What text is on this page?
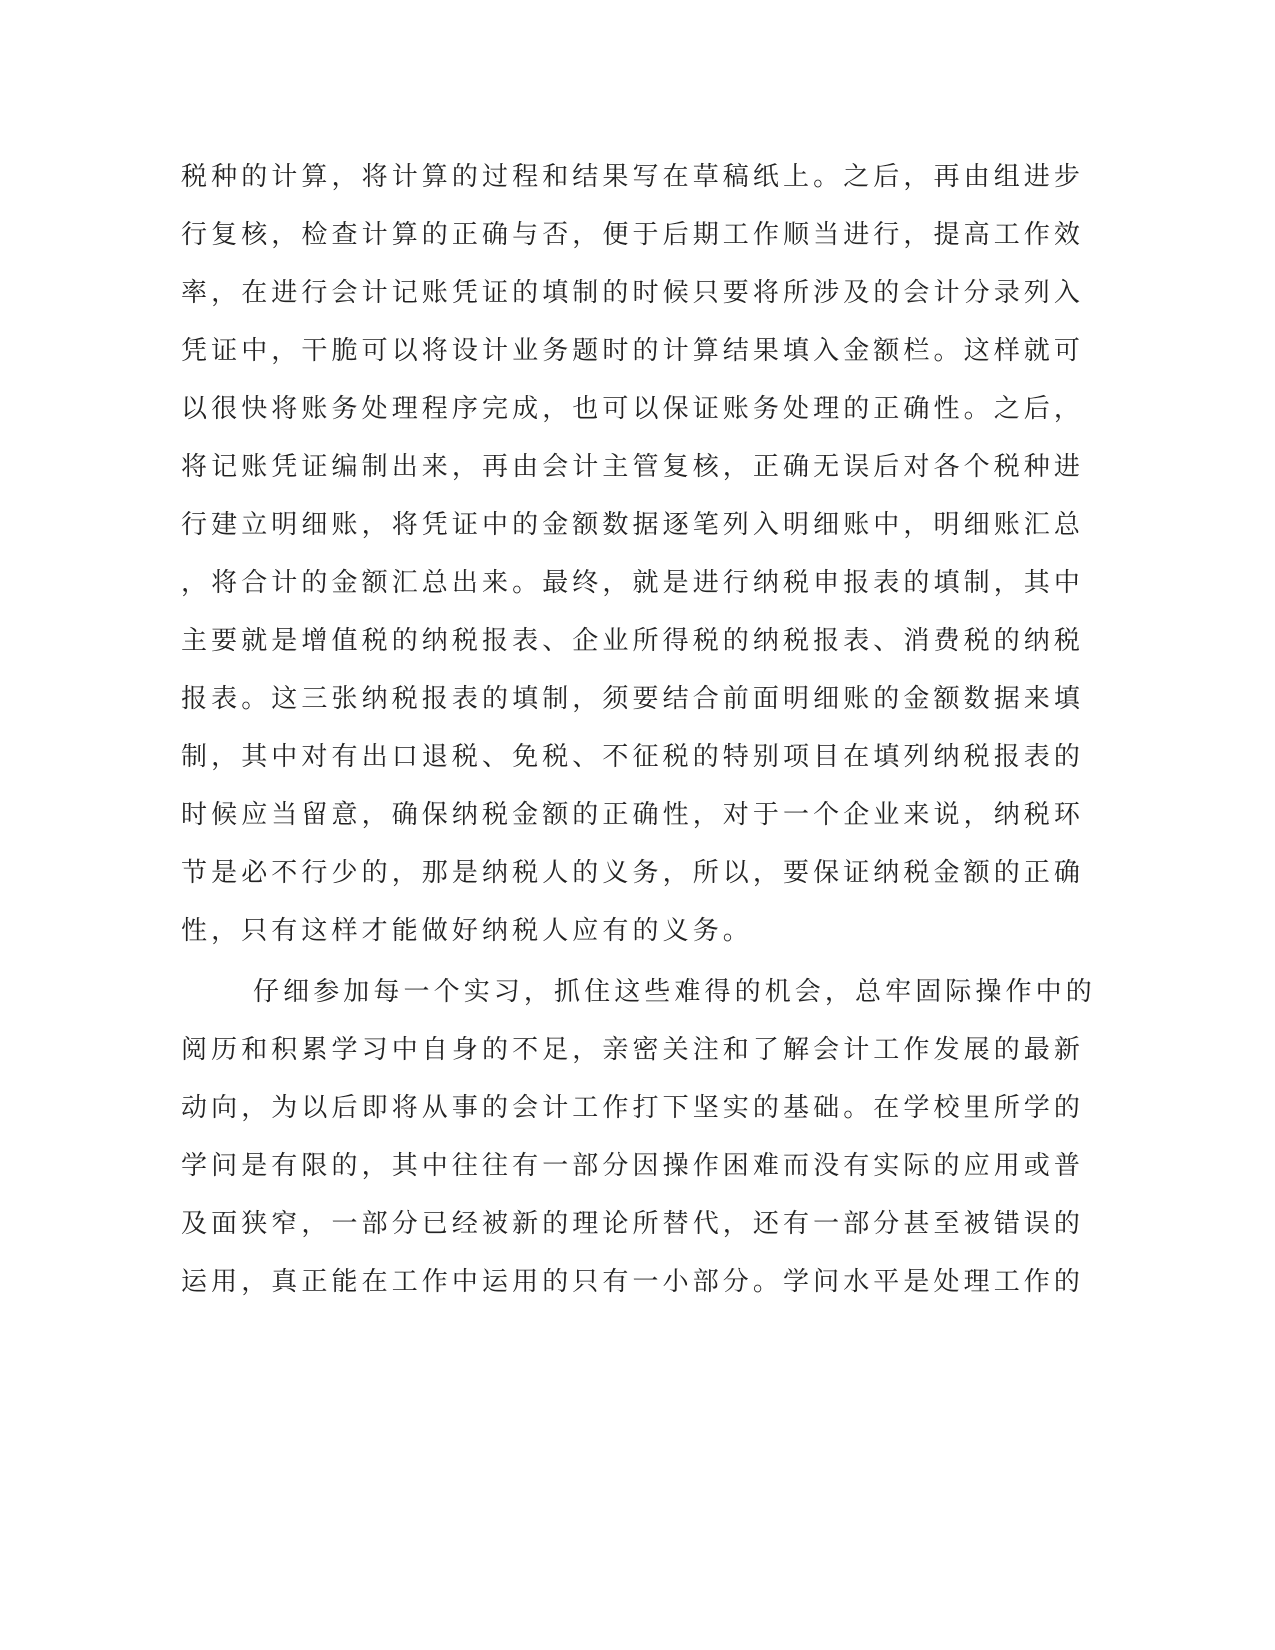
税种的计算，将计算的过程和结果写在草稿纸上。之后，再由组进步
行复核，检查计算的正确与否，便于后期工作顺当进行，提高工作效
率，在进行会计记账凭证的填制的时候只要将所涉及的会计分录列入
凭证中，干脆可以将设计业务题时的计算结果填入金额栏。这样就可
以很快将账务处理程序完成，也可以保证账务处理的正确性。之后，
将记账凭证编制出来，再由会计主管复核，正确无误后对各个税种进
行建立明细账，将凭证中的金额数据逐笔列入明细账中，明细账汇总
，将合计的金额汇总出来。最终，就是进行纳税申报表的填制，其中
主要就是增值税的纳税报表、企业所得税的纳税报表、消费税的纳税
报表。这三张纳税报表的填制，须要结合前面明细账的金额数据来填
制，其中对有出口退税、免税、不征税的特别项目在填列纳税报表的
时候应当留意，确保纳税金额的正确性，对于一个企业来说，纳税环
节是必不行少的，那是纳税人的义务，所以，要保证纳税金额的正确
性，只有这样才能做好纳税人应有的义务。
仔细参加每一个实习，抓住这些难得的机会，总牢固际操作中的
阅历和积累学习中自身的不足，亲密关注和了解会计工作发展的最新
动向，为以后即将从事的会计工作打下坚实的基础。在学校里所学的
学问是有限的，其中往往有一部分因操作困难而没有实际的应用或普
及面狭窄，一部分已经被新的理论所替代，还有一部分甚至被错误的
运用，真正能在工作中运用的只有一小部分。学问水平是处理工作的
